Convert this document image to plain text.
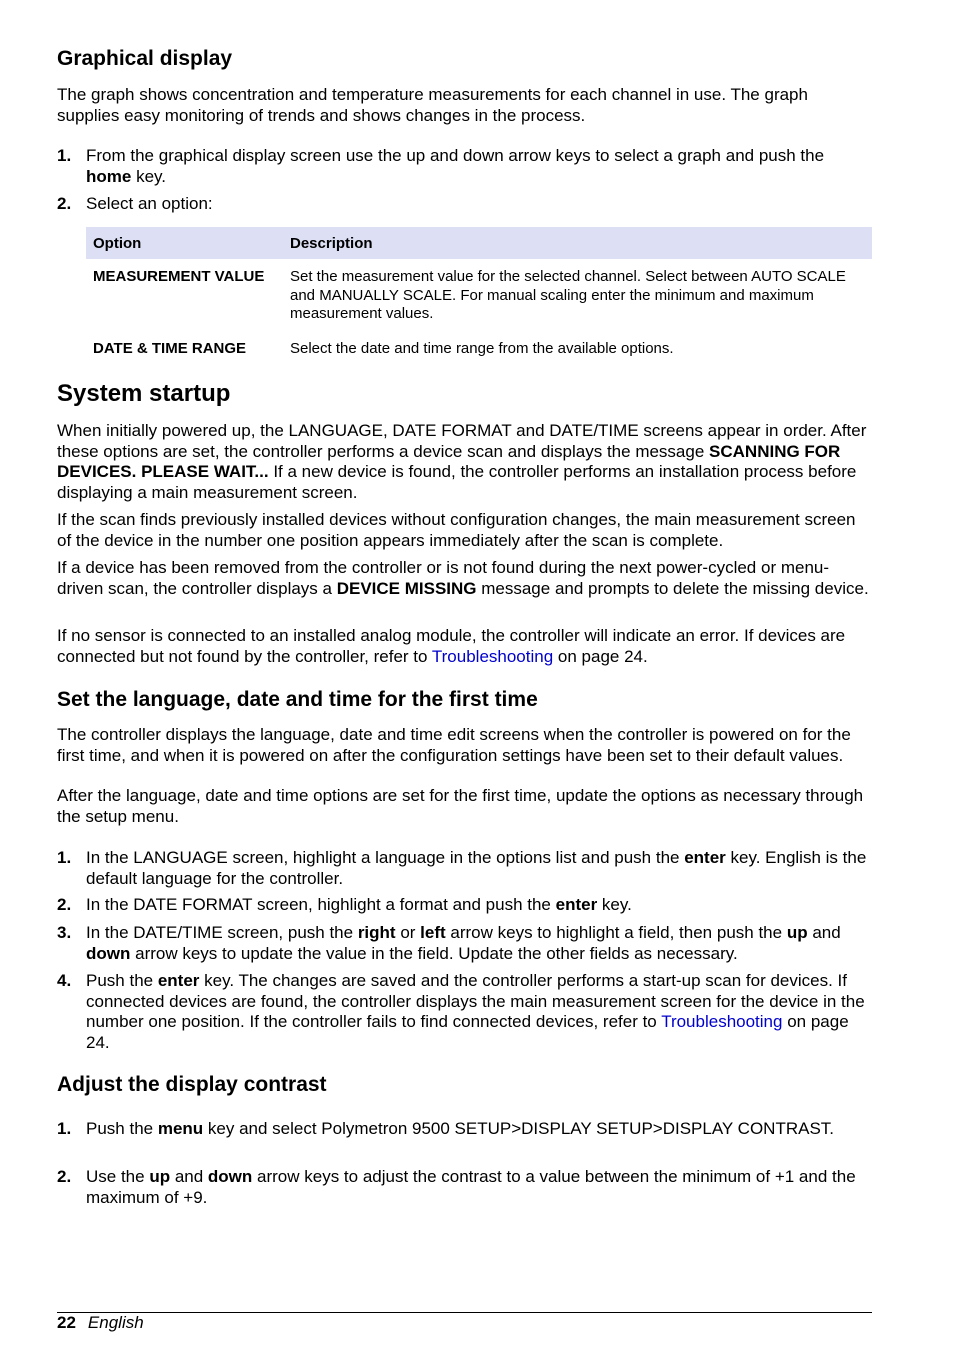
Graphical display

The graph shows concentration and temperature measurements for each channel in use. The graph supplies easy monitoring of trends and shows changes in the process.

1. From the graphical display screen use the up and down arrow keys to select a graph and push the home key.
2. Select an option:
Option	Description
MEASUREMENT VALUE	Set the measurement value for the selected channel. Select between AUTO SCALE and MANUALLY SCALE. For manual scaling enter the minimum and maximum measurement values.
DATE & TIME RANGE	Select the date and time range from the available options.
System startup

When initially powered up, the LANGUAGE, DATE FORMAT and DATE/TIME screens appear in order. After these options are set, the controller performs a device scan and displays the message SCANNING FOR DEVICES. PLEASE WAIT... If a new device is found, the controller performs an installation process before displaying a main measurement screen.

If the scan finds previously installed devices without configuration changes, the main measurement screen of the device in the number one position appears immediately after the scan is complete.

If a device has been removed from the controller or is not found during the next power-cycled or menu-driven scan, the controller displays a DEVICE MISSING message and prompts to delete the missing device.

If no sensor is connected to an installed analog module, the controller will indicate an error. If devices are connected but not found by the controller, refer to Troubleshooting on page 24.

Set the language, date and time for the first time

The controller displays the language, date and time edit screens when the controller is powered on for the first time, and when it is powered on after the configuration settings have been set to their default values.

After the language, date and time options are set for the first time, update the options as necessary through the setup menu.

1. In the LANGUAGE screen, highlight a language in the options list and push the enter key. English is the default language for the controller.
2. In the DATE FORMAT screen, highlight a format and push the enter key.
3. In the DATE/TIME screen, push the right or left arrow keys to highlight a field, then push the up and down arrow keys to update the value in the field. Update the other fields as necessary.
4. Push the enter key. The changes are saved and the controller performs a start-up scan for devices. If connected devices are found, the controller displays the main measurement screen for the device in the number one position. If the controller fails to find connected devices, refer to Troubleshooting on page 24.
Adjust the display contrast
1. Push the menu key and select Polymetron 9500 SETUP>DISPLAY SETUP>DISPLAY CONTRAST.
2. Use the up and down arrow keys to adjust the contrast to a value between the minimum of +1 and the maximum of +9.
22 English
